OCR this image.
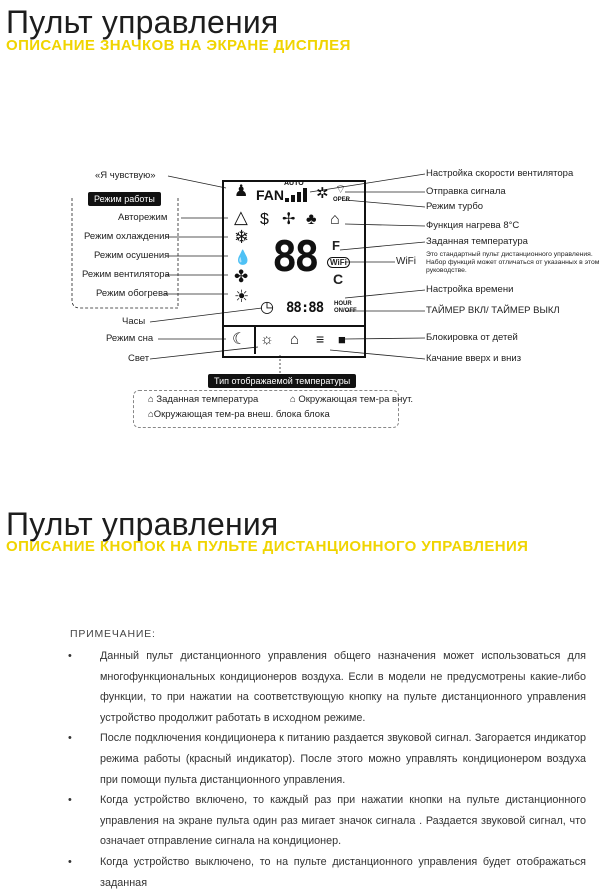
Пульт управления
ОПИСАНИЕ ЗНАЧКОВ НА ЭКРАНЕ ДИСПЛЕЯ
«Я чувствую»
Режим работы
Авторежим
Режим охлаждения
Режим осушения
Режим вентилятора
Режим обогрева
Часы
Режим сна
Свет
Настройка скорости вентилятора
Отправка сигнала
Режим турбо
Функция нагрева 8°C
Заданная температура
WiFi
Это стандартный пульт дистанционного управления. Набор функций может отличаться от указанных в этом руководстве.
Настройка времени
ТАЙМЕР ВКЛ/ ТАЙМЕР ВЫКЛ
Блокировка от детей
Качание вверх и вниз
♟	AUTO
FAN ✲ ⌔
OPER
△
❄
💧
✤
☀
$ ✢ ♣ ⌂
88 F
WiFi
C
◷ 88:88 HOUR
ON/OFF
☾ ☼ ⌂ ≡ ■
Тип отображаемой температуры
⌂ Заданная температура	⌂ Окружающая тем-ра внут.
⌂Окружающая тем-ра внеш. блока блока
Пульт управления
ОПИСАНИЕ КНОПОК НА ПУЛЬТЕ ДИСТАНЦИОННОГО УПРАВЛЕНИЯ
ПРИМЕЧАНИЕ:
•	Данный пульт дистанционного управления общего назначения может использоваться для многофункциональных кондиционеров воздуха. Если в модели не предусмотрены какие-либо функции, то при нажатии на соответствующую кнопку на пульте дистанционного управления устройство продолжит работать в исходном режиме.
•	После подключения кондиционера к питанию раздается звуковой сигнал. Загорается индикатор режима работы (красный индикатор). После этого можно управлять кондиционером воздуха при помощи пульта дистанционного управления.
•	Когда устройство включено, то каждый раз при нажатии кнопки на пульте дистанционного управления на экране пульта один раз мигает значок сигнала . Раздается звуковой сигнал, что означает отправление сигнала на кондиционер.
•	Когда устройство выключено, то на пульте дистанционного управления будет отображаться заданная
